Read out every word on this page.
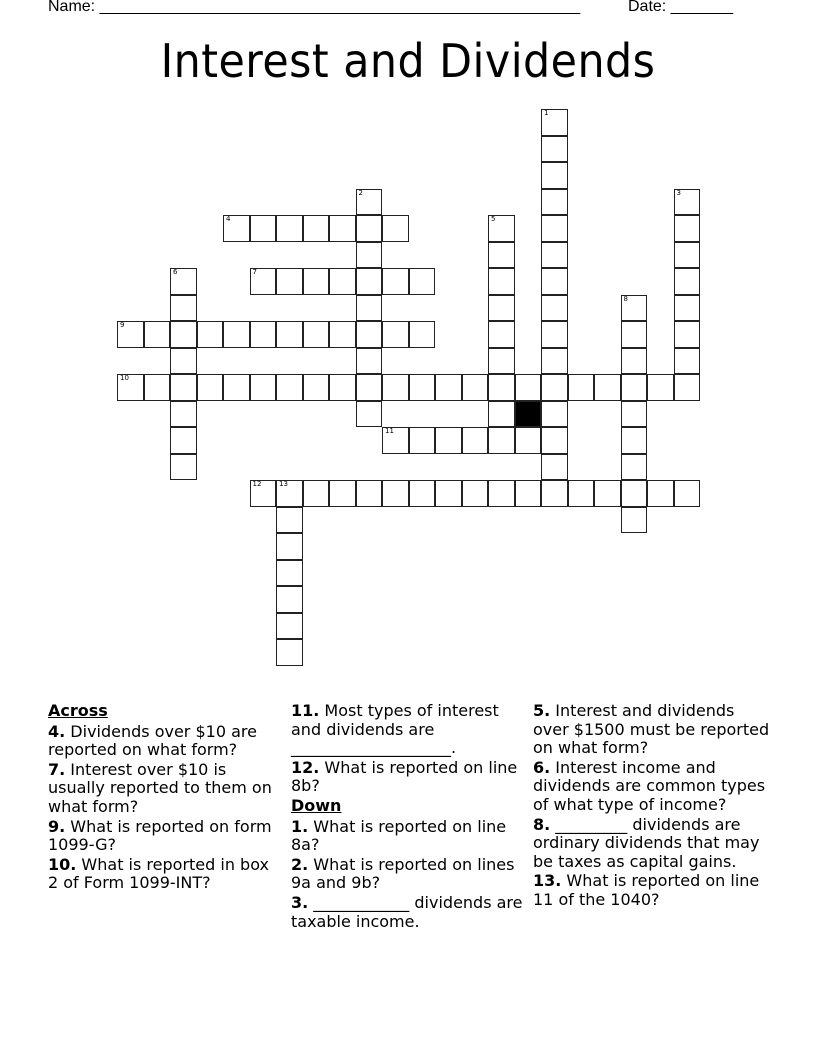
Name: ______________________________________________________	Date: _______
Interest and Dividends
1
2	3
4	5
6	7
8
9
10
11
12	13
Across
4. Dividends over $10 are reported on what form?
7. Interest over $10 is usually reported to them on what form?
9. What is reported on form 1099-G?
10. What is reported in box 2 of Form 1099-INT?
11. Most types of interest and dividends are ____________________.
12. What is reported on line 8b?
Down
1. What is reported on line 8a?
2. What is reported on lines 9a and 9b?
3. ____________ dividends are taxable income.
5. Interest and dividends over $1500 must be reported on what form?
6. Interest income and dividends are common types of what type of income?
8. _________ dividends are ordinary dividends that may be taxes as capital gains.
13. What is reported on line 11 of the 1040?
